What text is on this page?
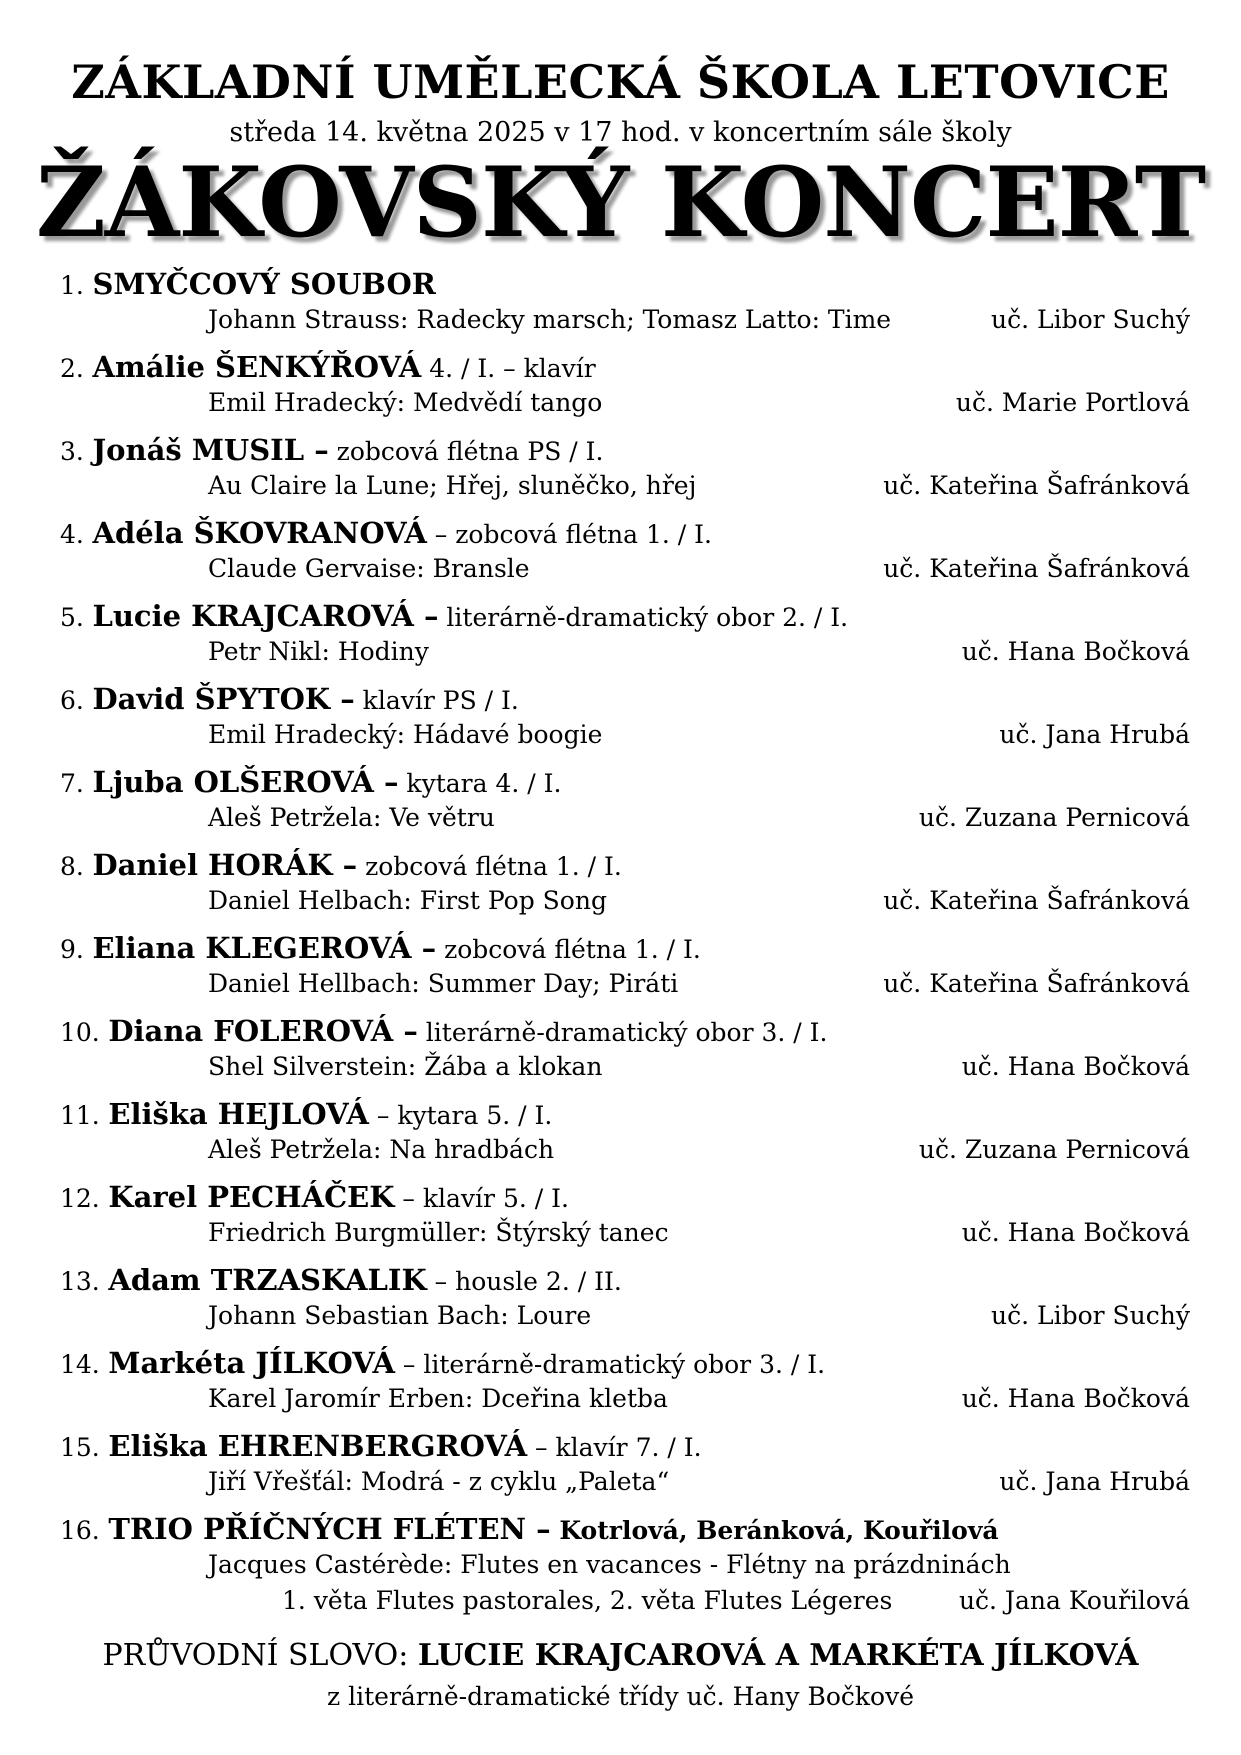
ZÁKLADNÍ UMĚLECKÁ ŠKOLA LETOVICE
středa 14. května 2025 v 17 hod. v koncertním sále školy
ŽÁKOVSKÝ KONCERT
1. SMYČCOVÝ SOUBOR
Johann Strauss: Radecky marsch; Tomasz Latto: Time	uč. Libor Suchý
2. Amálie ŠENKÝŘOVÁ 4. / I. – klavír
Emil Hradecký: Medvědí tango	uč. Marie Portlová
3. Jonáš MUSIL – zobcová flétna PS / I.
Au Claire la Lune; Hřej, sluněčko, hřej	uč. Kateřina Šafránková
4. Adéla ŠKOVRANOVÁ – zobcová flétna 1. / I.
Claude Gervaise: Bransle	uč. Kateřina Šafránková
5. Lucie KRAJCAROVÁ – literárně-dramatický obor 2. / I.
Petr Nikl: Hodiny	uč. Hana Bočková
6. David ŠPYTOK – klavír PS / I.
Emil Hradecký: Hádavé boogie	uč. Jana Hrubá
7. Ljuba OLŠEROVÁ – kytara 4. / I.
Aleš Petržela: Ve větru	uč. Zuzana Pernicová
8. Daniel HORÁK – zobcová flétna 1. / I.
Daniel Helbach: First Pop Song	uč. Kateřina Šafránková
9. Eliana KLEGEROVÁ – zobcová flétna 1. / I.
Daniel Hellbach: Summer Day; Piráti	uč. Kateřina Šafránková
10. Diana FOLEROVÁ – literárně-dramatický obor 3. / I.
Shel Silverstein: Žába a klokan	uč. Hana Bočková
11. Eliška HEJLOVÁ – kytara 5. / I.
Aleš Petržela: Na hradbách	uč. Zuzana Pernicová
12. Karel PECHÁČEK – klavír 5. / I.
Friedrich Burgmüller: Štýrský tanec	uč. Hana Bočková
13. Adam TRZASKALIK – housle 2. / II.
Johann Sebastian Bach: Loure	uč. Libor Suchý
14. Markéta JÍLKOVÁ – literárně-dramatický obor 3. / I.
Karel Jaromír Erben: Dceřina kletba	uč. Hana Bočková
15. Eliška EHRENBERGROVÁ – klavír 7. / I.
Jiří Vřešťál: Modrá - z cyklu „Paleta“	uč. Jana Hrubá
16. TRIO PŘÍČNÝCH FLÉTEN – Kotrlová, Beránková, Kouřilová
Jacques Castérède: Flutes en vacances - Flétny na prázdninách
1. věta Flutes pastorales, 2. věta Flutes Légeres	uč. Jana Kouřilová
PRŮVODNÍ SLOVO: LUCIE KRAJCAROVÁ A MARKÉTA JÍLKOVÁ
z literárně-dramatické třídy uč. Hany Bočkové
